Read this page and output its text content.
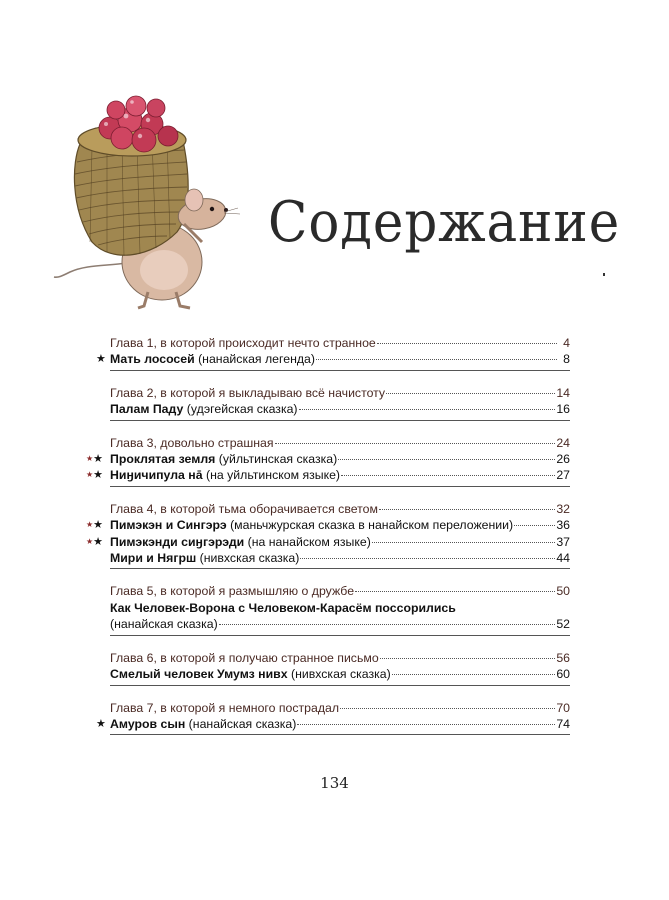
Содержание
Глава 1, в которой происходит нечто странное	4
★ Мать лососей (нанайская легенда)	8
Глава 2, в которой я выкладываю всё начистоту	14
Палам Паду (удэгейская сказка)	16
Глава 3, довольно страшная	24
★★ Проклятая земля (уйльтинская сказка)	26
★★ Ниӈичипула нā (на уйльтинском языке)	27
Глава 4, в которой тьма оборачивается светом	32
★★ Пимэкэн и Сингэрэ (маньчжурская сказка в нанайском переложении)	36
★★ Пимэкэнди сиӈгэрэди (на нанайском языке)	37
Мири и Нягрш (нивхская сказка)	44
Глава 5, в которой я размышляю о дружбе	50
Как Человек-Ворона с Человеком-Карасём поссорились
(нанайская сказка)	52
Глава 6, в которой я получаю странное письмо	56
Смелый человек Умумз нивх (нивхская сказка)	60
Глава 7, в которой я немного пострадал	70
★ Амуров сын (нанайская сказка)	74
134
